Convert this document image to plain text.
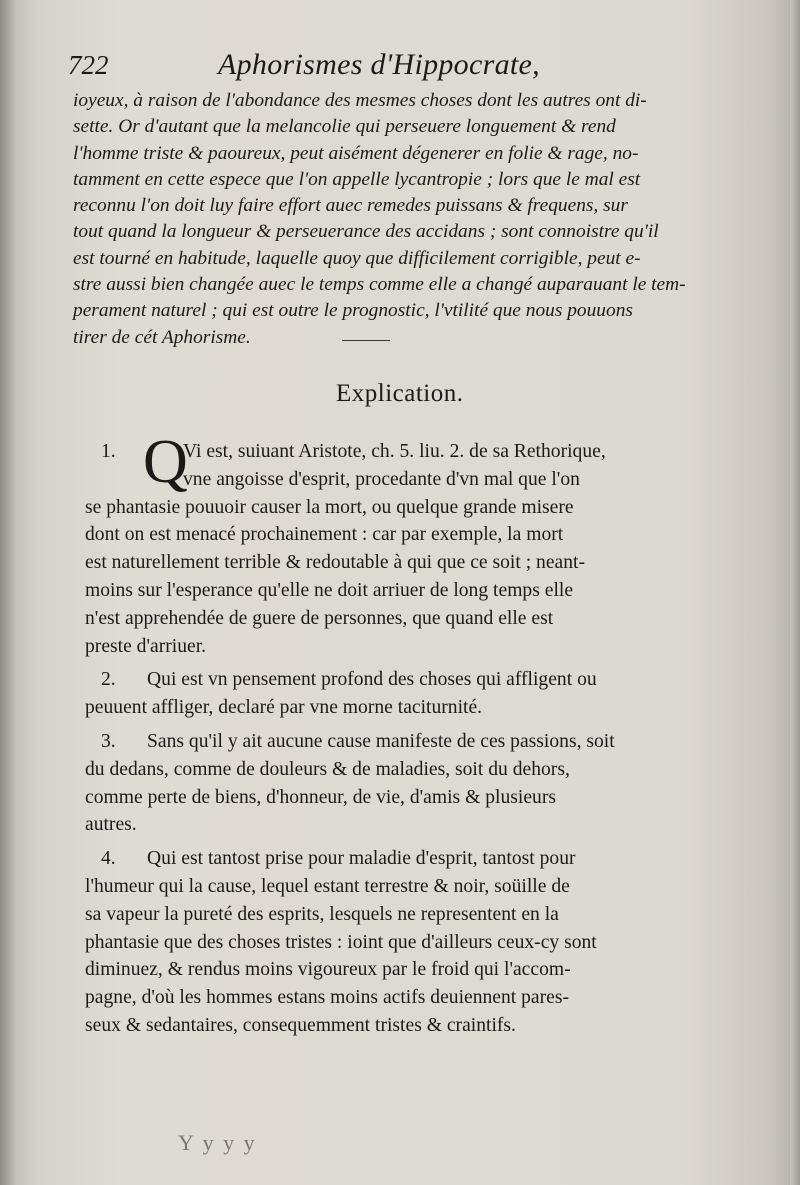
722	Aphorismes d'Hippocrate,
ioyeux, à raison de l'abondance des mesmes choses dont les autres ont di-
sette. Or d'autant que la melancolie qui perseuere longuement & rend
l'homme triste & paoureux, peut aisément dégenerer en folie & rage, no-
tamment en cette espece que l'on appelle lycantropie ; lors que le mal est
reconnu l'on doit luy faire effort auec remedes puissans & frequens, sur
tout quand la longueur & perseuerance des accidans ; sont connoistre qu'il
est tourné en habitude, laquelle quoy que difficilement corrigible, peut e-
stre aussi bien changée auec le temps comme elle a changé auparauant le tem-
perament naturel ; qui est outre le prognostic, l'vtilité que nous pouuons
tirer de cét Aphorisme.
Explication.
Q
1.	Vi est, suiuant Aristote, ch. 5. liu. 2. de sa Rethorique,
vne angoisse d'esprit, procedante d'vn mal que l'on
se phantasie pouuoir causer la mort, ou quelque grande misere
dont on est menacé prochainement : car par exemple, la mort
est naturellement terrible & redoutable à qui que ce soit ; neant-
moins sur l'esperance qu'elle ne doit arriuer de long temps elle
n'est apprehendée de guere de personnes, que quand elle est
preste d'arriuer.
2. Qui est vn pensement profond des choses qui affligent ou
peuuent affliger, declaré par vne morne taciturnité.
3. Sans qu'il y ait aucune cause manifeste de ces passions, soit
du dedans, comme de douleurs & de maladies, soit du dehors,
comme perte de biens, d'honneur, de vie, d'amis & plusieurs
autres.
4. Qui est tantost prise pour maladie d'esprit, tantost pour
l'humeur qui la cause, lequel estant terrestre & noir, soüille de
sa vapeur la pureté des esprits, lesquels ne representent en la
phantasie que des choses tristes : ioint que d'ailleurs ceux-cy sont
diminuez, & rendus moins vigoureux par le froid qui l'accom-
pagne, d'où les hommes estans moins actifs deuiennent pares-
seux & sedantaires, consequemment tristes & craintifs.
Y y y y
